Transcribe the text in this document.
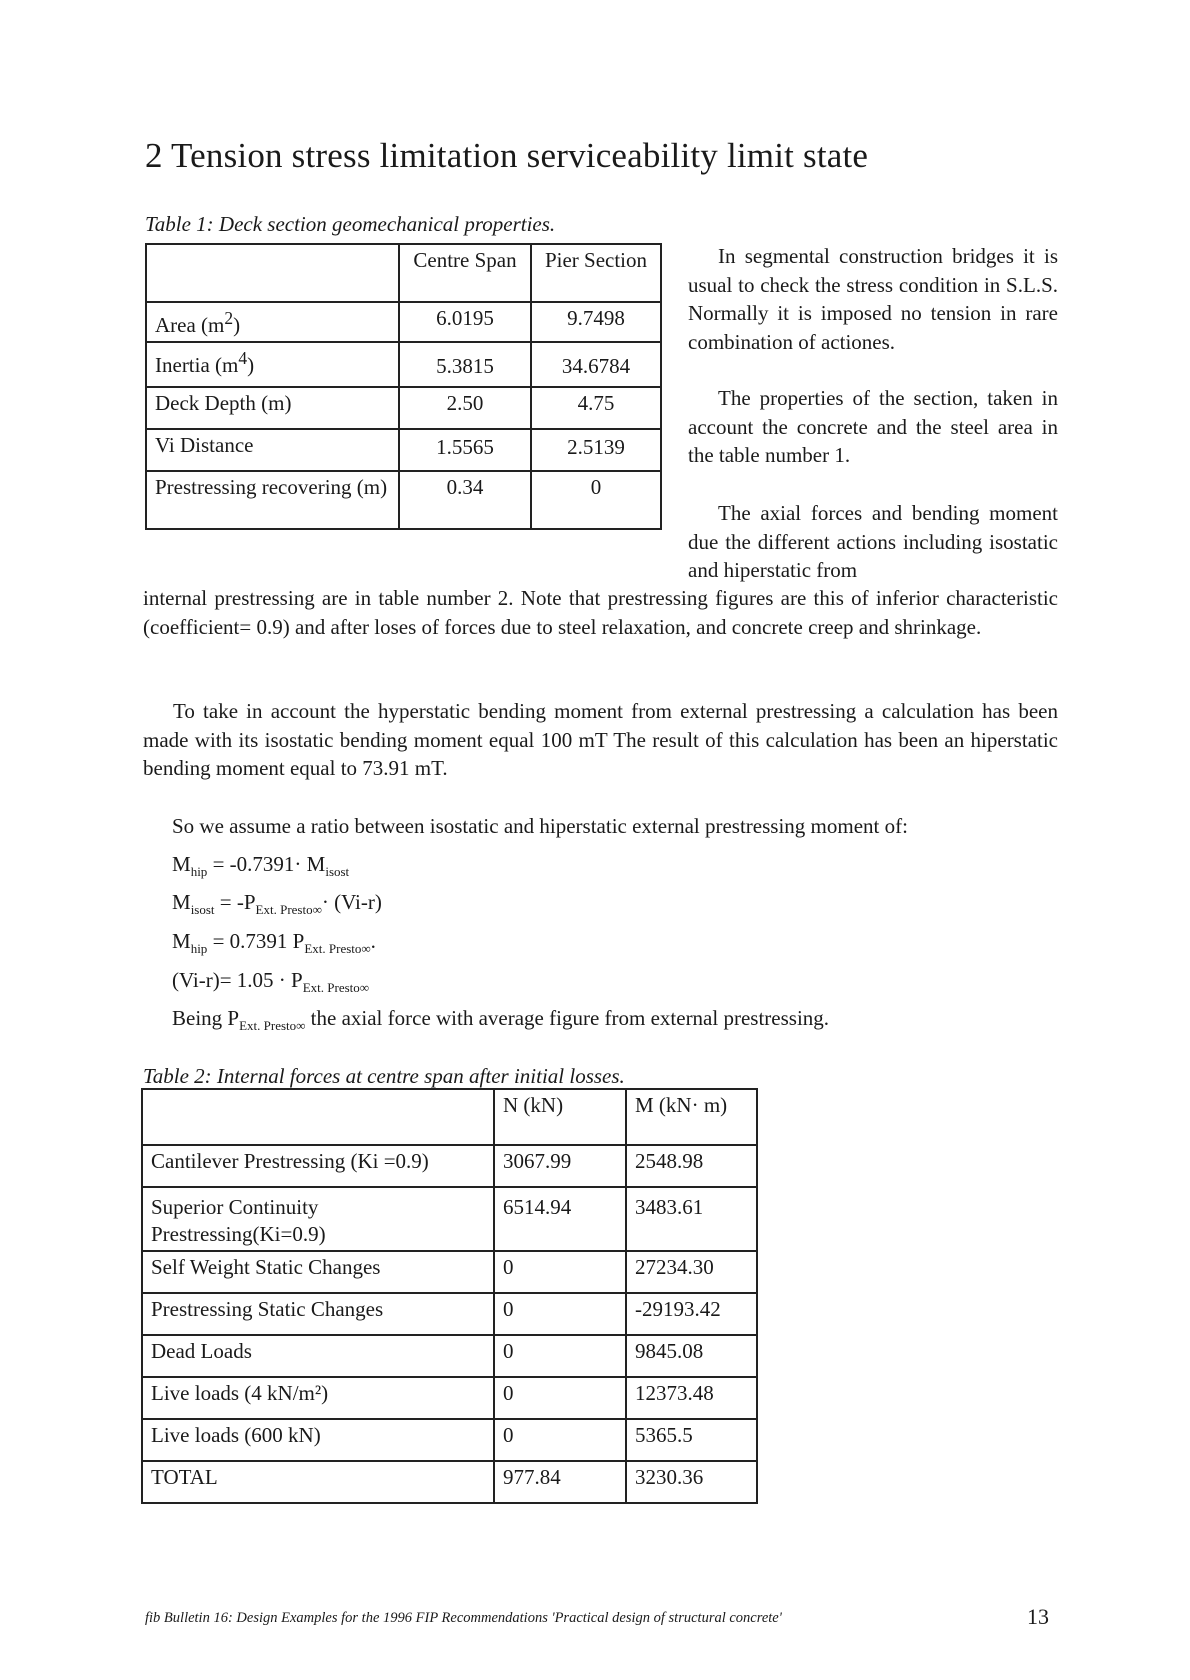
2 Tension stress limitation serviceability limit state
Table 1: Deck section geomechanical properties.
	Centre Span	Pier Section
Area $(m^2)$	6.0195	9.7498
Inertia $(m^4)$	5.3815	34.6784
Deck Depth (m)	2.50	4.75
Vi Distance	1.5565	2.5139
Prestressing recovering (m)	0.34	0
In segmental construction bridges it is usual to check the stress condition in S.L.S. Normally it is imposed no tension in rare combination of actiones.
The properties of the section, taken in account the concrete and the steel area in the table number 1.
The axial forces and bending moment due the different actions including isostatic and hiperstatic from
internal prestressing are in table number 2. Note that prestressing figures are this of inferior characteristic (coefficient= 0.9) and after loses of forces due to steel relaxation, and concrete creep and shrinkage.
To take in account the hyperstatic bending moment from external prestressing a calculation has been made with its isostatic bending moment equal 100 mT The result of this calculation has been an hiperstatic bending moment equal to 73.91 mT.
So we assume a ratio between isostatic and hiperstatic external prestressing moment of:
$M_{hip} = -0.7391\cdot M_{isost}$
$M_{isost} = -P_{Ext. Presto\infty}\cdot (Vi-r)$
$M_{hip} = 0.7391$ $P_{Ext. Presto\infty}$.
$(Vi-r)= 1.05 \cdot P_{Ext. Presto\infty}$
Being $P_{Ext. Presto\infty}$ the axial force with average figure from external prestressing.
Table 2: Internal forces at centre span after initial losses.
	N (kN)	M (kN· m)
Cantilever Prestressing (Ki =0.9)	3067.99	2548.98
Superior Continuity Prestressing(Ki=0.9)	6514.94	3483.61
Self Weight Static Changes	0	27234.30
Prestressing Static Changes	0	-29193.42
Dead Loads	0	9845.08
Live loads (4 kN/m²)	0	12373.48
Live loads (600 kN)	0	5365.5
TOTAL	977.84	3230.36
fib Bulletin 16: Design Examples for the 1996 FIP Recommendations 'Practical design of structural concrete'	13
